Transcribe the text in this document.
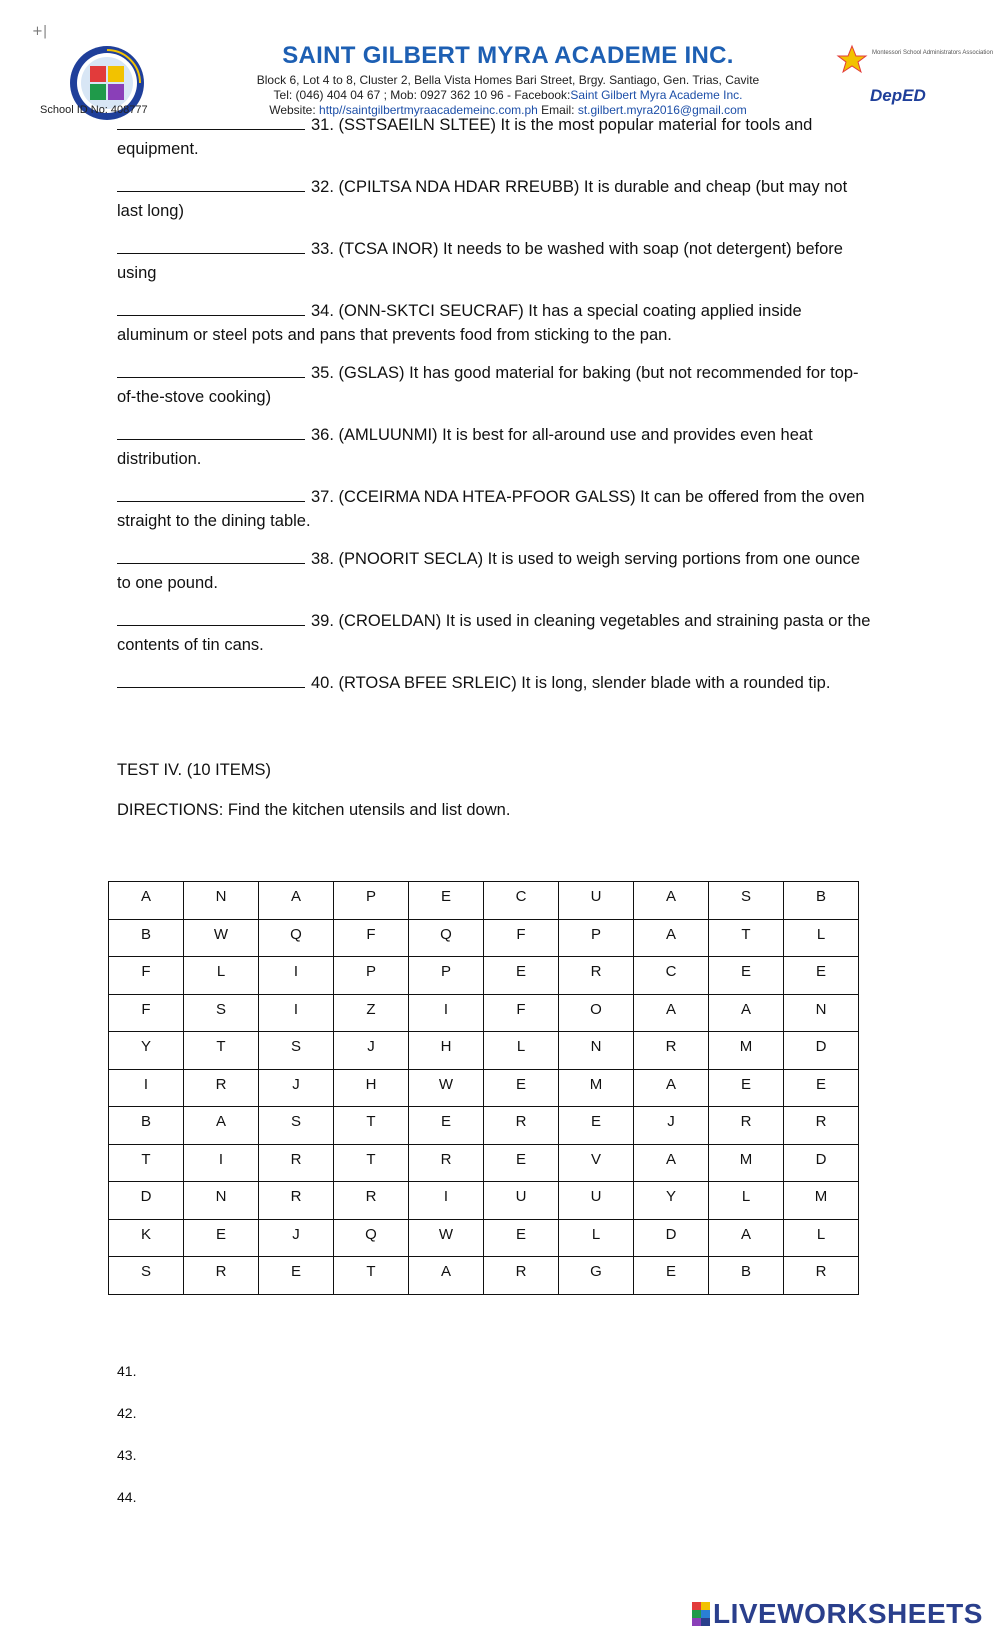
+|
School ID No: 408777
SAINT GILBERT MYRA ACADEME INC.
Block 6, Lot 4 to 8, Cluster 2, Bella Vista Homes Bari Street, Brgy. Santiago, Gen. Trias, Cavite
Tel: (046) 404 04 67 ; Mob: 0927 362 10 96 - Facebook:Saint Gilbert Myra Academe Inc.
Website: http//saintgilbertmyraacademeinc.com.ph Email: st.gilbert.myra2016@gmail.com
Montessori School Administrators Association
DepED
31. (SSTSAEILN SLTEE) It is the most popular material for tools and equipment.
32. (CPILTSA NDA HDAR RREUBB) It is durable and cheap (but may not last long)
33. (TCSA INOR) It needs to be washed with soap (not detergent) before using
34. (ONN-SKTCI SEUCRAF) It has a special coating applied inside aluminum or steel pots and pans that prevents food from sticking to the pan.
35. (GSLAS) It has good material for baking (but not recommended for top-of-the-stove cooking)
36. (AMLUUNMI) It is best for all-around use and provides even heat distribution.
37. (CCEIRMA NDA HTEA-PFOOR GALSS) It can be offered from the oven straight to the dining table.
38. (PNOORIT SECLA) It is used to weigh serving portions from one ounce to one pound.
39. (CROELDAN) It is used in cleaning vegetables and straining pasta or the contents of tin cans.
40. (RTOSA BFEE SRLEIC) It is long, slender blade with a rounded tip.
TEST IV. (10 ITEMS)
DIRECTIONS: Find the kitchen utensils and list down.
A	N	A	P	E	C	U	A	S	B
B	W	Q	F	Q	F	P	A	T	L
F	L	I	P	P	E	R	C	E	E
F	S	I	Z	I	F	O	A	A	N
Y	T	S	J	H	L	N	R	M	D
I	R	J	H	W	E	M	A	E	E
B	A	S	T	E	R	E	J	R	R
T	I	R	T	R	E	V	A	M	D
D	N	R	R	I	U	U	Y	L	M
K	E	J	Q	W	E	L	D	A	L
S	R	E	T	A	R	G	E	B	R
41.
42.
43.
44.
LIVEWORKSHEETS
